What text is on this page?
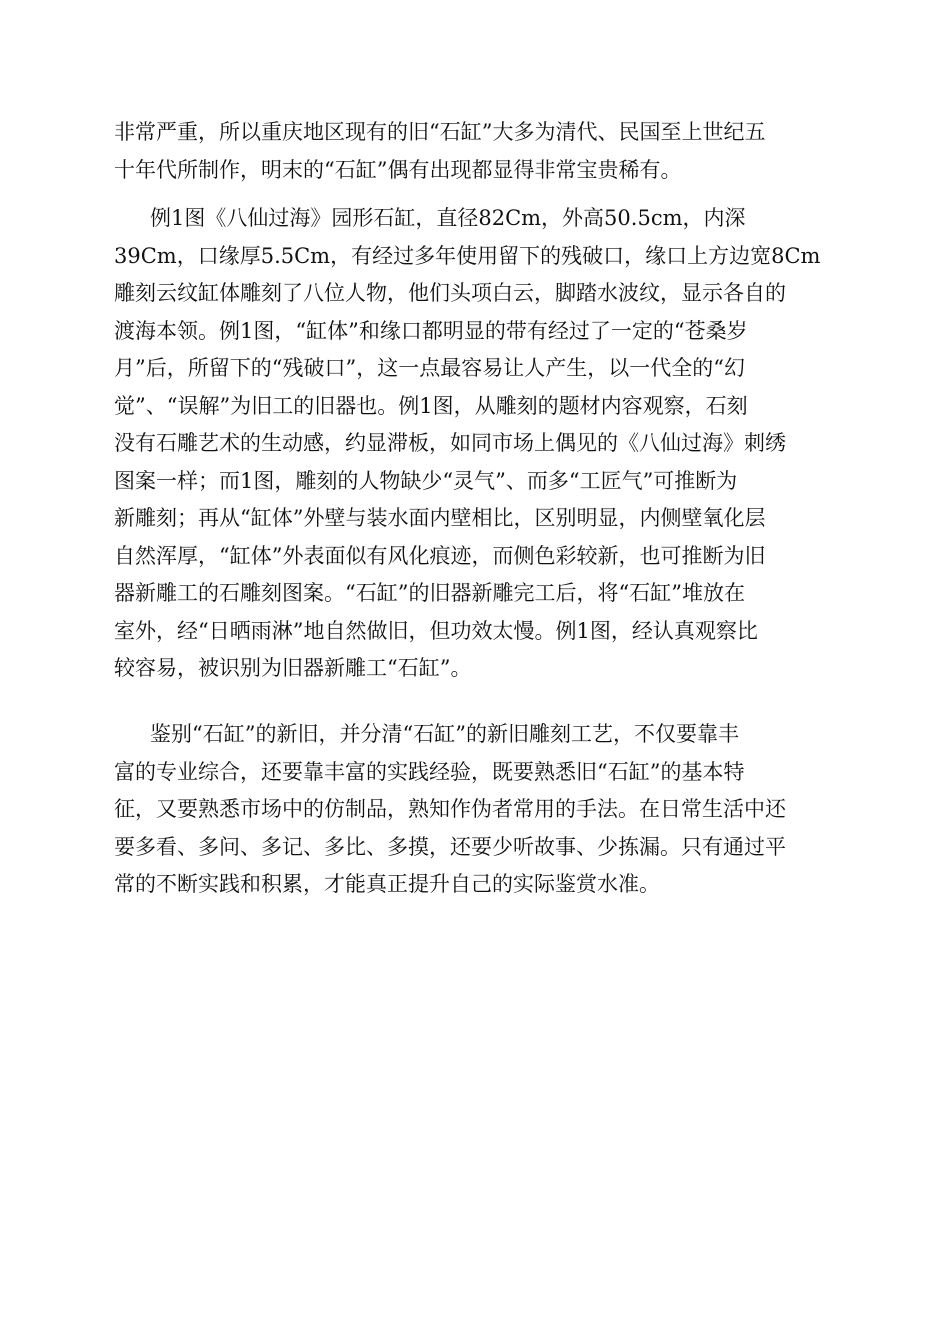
非常严重，所以重庆地区现有的旧“石缸”大多为清代、民国至上世纪五
十年代所制作，明末的“石缸”偶有出现都显得非常宝贵稀有。
例1图《八仙过海》园形石缸，直径82Cm，外高50.5cm，内深
39Cm，口缘厚5.5Cm，有经过多年使用留下的残破口，缘口上方边宽8Cm
雕刻云纹缸体雕刻了八位人物，他们头项白云，脚踏水波纹，显示各自的
渡海本领。例1图，“缸体”和缘口都明显的带有经过了一定的“苍桑岁
月”后，所留下的“残破口”，这一点最容易让人产生，以一代全的“幻
觉”、“误解”为旧工的旧器也。例1图，从雕刻的题材内容观察，石刻
没有石雕艺术的生动感，约显滞板，如同市场上偶见的《八仙过海》刺绣
图案一样；而1图，雕刻的人物缺少“灵气”、而多“工匠气”可推断为
新雕刻；再从“缸体”外壁与装水面内壁相比，区别明显，内侧壁氧化层
自然浑厚，“缸体”外表面似有风化痕迹，而侧色彩较新，也可推断为旧
器新雕工的石雕刻图案。“石缸”的旧器新雕完工后，将“石缸”堆放在
室外，经“日晒雨淋”地自然做旧，但功效太慢。例1图，经认真观察比
较容易，被识别为旧器新雕工“石缸”。
鉴别“石缸”的新旧，并分清“石缸”的新旧雕刻工艺，不仅要靠丰
富的专业综合，还要靠丰富的实践经验，既要熟悉旧“石缸”的基本特
征，又要熟悉市场中的仿制品，熟知作伪者常用的手法。在日常生活中还
要多看、多问、多记、多比、多摸，还要少听故事、少拣漏。只有通过平
常的不断实践和积累，才能真正提升自己的实际鉴赏水准。
